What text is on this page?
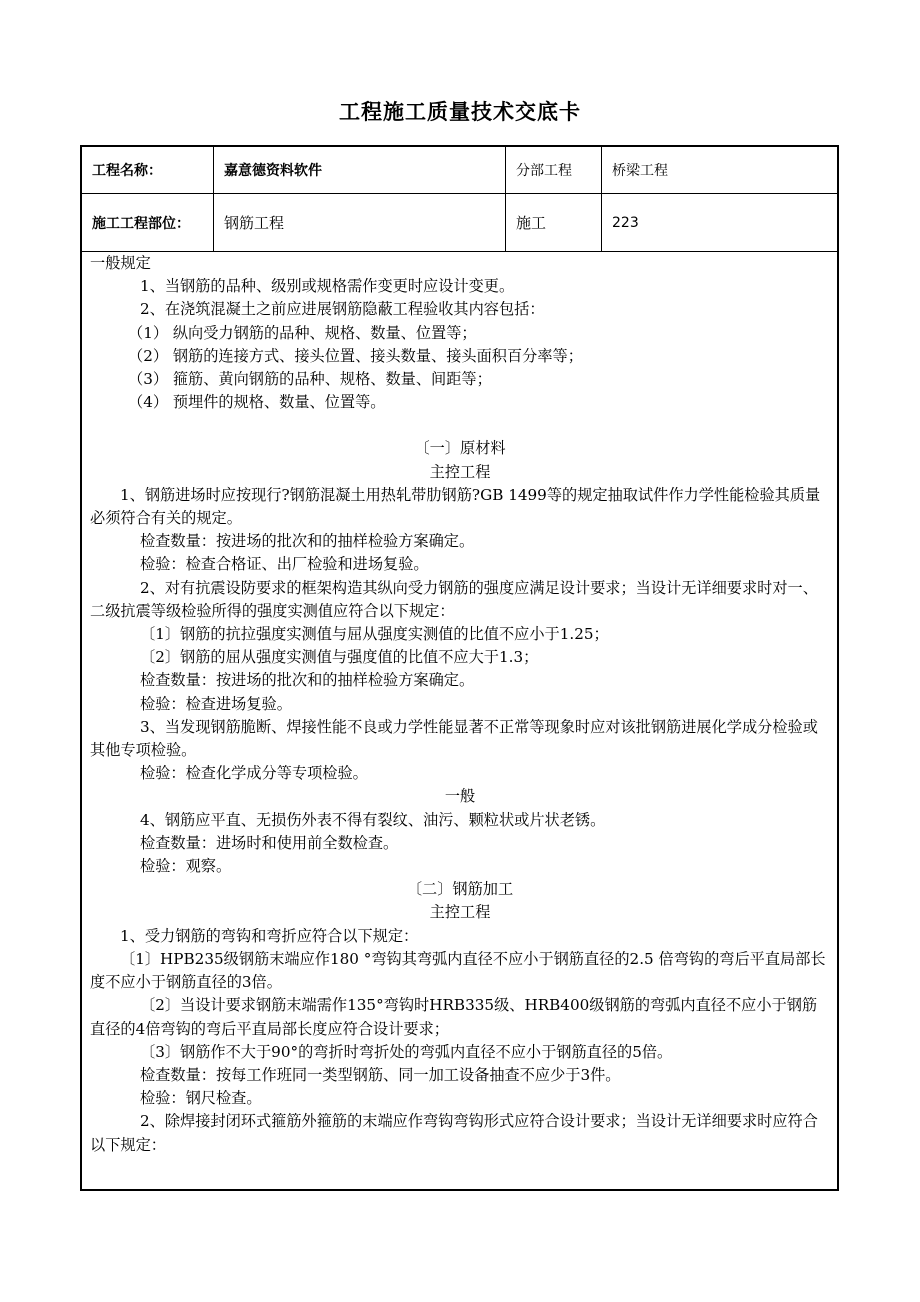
工程施工质量技术交底卡
工程名称：	嘉意德资料软件	分部工程	桥梁工程
施工工程部位：	钢筋工程	施工	223

一般规定

1、当钢筋的品种、级别或规格需作变更时应设计变更。

2、在浇筑混凝土之前应进展钢筋隐蔽工程验收其内容包括：

（1） 纵向受力钢筋的品种、规格、数量、位置等；

（2） 钢筋的连接方式、接头位置、接头数量、接头面积百分率等；

（3） 箍筋、黄向钢筋的品种、规格、数量、间距等；

（4） 预埋件的规格、数量、位置等。

〔一〕原材料

主控工程

1、钢筋进场时应按现行?钢筋混凝土用热轧带肋钢筋?GB 1499等的规定抽取试件作力学性能检验其质量必须符合有关的规定。

检查数量：按进场的批次和的抽样检验方案确定。

检验：检查合格证、出厂检验和进场复验。

2、对有抗震设防要求的框架构造其纵向受力钢筋的强度应满足设计要求；当设计无详细要求时对一、二级抗震等级检验所得的强度实测值应符合以下规定：

〔1〕钢筋的抗拉强度实测值与屈从强度实测值的比值不应小于1.25；

〔2〕钢筋的屈从强度实测值与强度值的比值不应大于1.3；

检查数量：按进场的批次和的抽样检验方案确定。

检验：检查进场复验。

3、当发现钢筋脆断、焊接性能不良或力学性能显著不正常等现象时应对该批钢筋进展化学成分检验或其他专项检验。

检验：检查化学成分等专项检验。

一般

4、钢筋应平直、无损伤外表不得有裂纹、油污、颗粒状或片状老锈。

检查数量：进场时和使用前全数检查。

检验：观察。

〔二〕钢筋加工

主控工程

1、受力钢筋的弯钩和弯折应符合以下规定：

〔1〕HPB235级钢筋末端应作180 °弯钩其弯弧内直径不应小于钢筋直径的2.5 倍弯钩的弯后平直局部长度不应小于钢筋直径的3倍。

〔2〕当设计要求钢筋末端需作135°弯钩时HRB335级、HRB400级钢筋的弯弧内直径不应小于钢筋直径的4倍弯钩的弯后平直局部长度应符合设计要求；

〔3〕钢筋作不大于90°的弯折时弯折处的弯弧内直径不应小于钢筋直径的5倍。

检查数量：按每工作班同一类型钢筋、同一加工设备抽查不应少于3件。

检验：钢尺检查。

2、除焊接封闭环式箍筋外箍筋的末端应作弯钩弯钩形式应符合设计要求；当设计无详细要求时应符合以下规定：
